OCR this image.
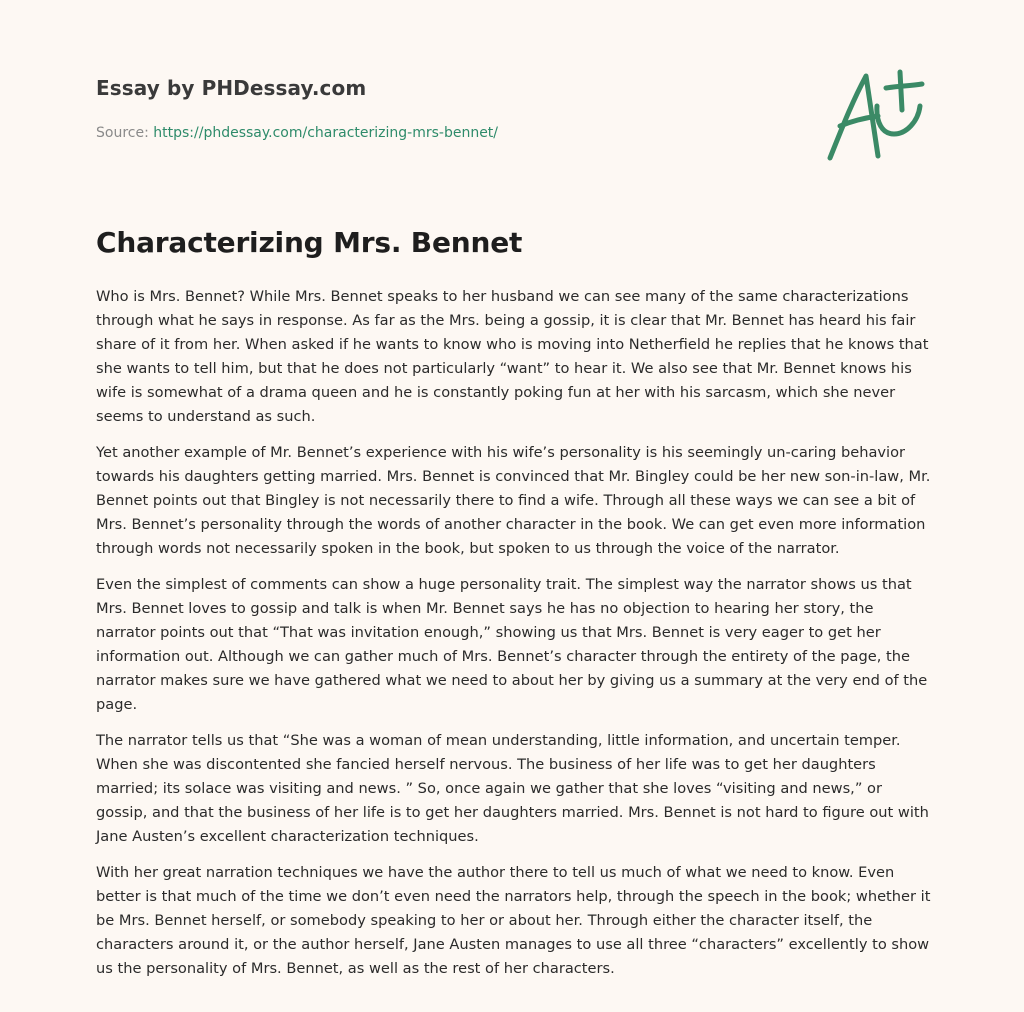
Essay by PHDessay.com

Source: https://phdessay.com/characterizing-mrs-bennet/

Characterizing Mrs. Bennet

Who is Mrs. Bennet? While Mrs. Bennet speaks to her husband we can see many of the same characterizations through what he says in response. As far as the Mrs. being a gossip, it is clear that Mr. Bennet has heard his fair share of it from her. When asked if he wants to know who is moving into Netherfield he replies that he knows that she wants to tell him, but that he does not particularly “want” to hear it. We also see that Mr. Bennet knows his wife is somewhat of a drama queen and he is constantly poking fun at her with his sarcasm, which she never seems to understand as such.

Yet another example of Mr. Bennet’s experience with his wife’s personality is his seemingly un-caring behavior towards his daughters getting married. Mrs. Bennet is convinced that Mr. Bingley could be her new son-in-law, Mr. Bennet points out that Bingley is not necessarily there to find a wife. Through all these ways we can see a bit of Mrs. Bennet’s personality through the words of another character in the book. We can get even more information through words not necessarily spoken in the book, but spoken to us through the voice of the narrator.

Even the simplest of comments can show a huge personality trait. The simplest way the narrator shows us that Mrs. Bennet loves to gossip and talk is when Mr. Bennet says he has no objection to hearing her story, the narrator points out that “That was invitation enough,” showing us that Mrs. Bennet is very eager to get her information out. Although we can gather much of Mrs. Bennet’s character through the entirety of the page, the narrator makes sure we have gathered what we need to about her by giving us a summary at the very end of the page.

The narrator tells us that “She was a woman of mean understanding, little information, and uncertain temper. When she was discontented she fancied herself nervous. The business of her life was to get her daughters married; its solace was visiting and news. ” So, once again we gather that she loves “visiting and news,” or gossip, and that the business of her life is to get her daughters married. Mrs. Bennet is not hard to figure out with Jane Austen’s excellent characterization techniques.

With her great narration techniques we have the author there to tell us much of what we need to know. Even better is that much of the time we don’t even need the narrators help, through the speech in the book; whether it be Mrs. Bennet herself, or somebody speaking to her or about her. Through either the character itself, the characters around it, or the author herself, Jane Austen manages to use all three “characters” excellently to show us the personality of Mrs. Bennet, as well as the rest of her characters.
